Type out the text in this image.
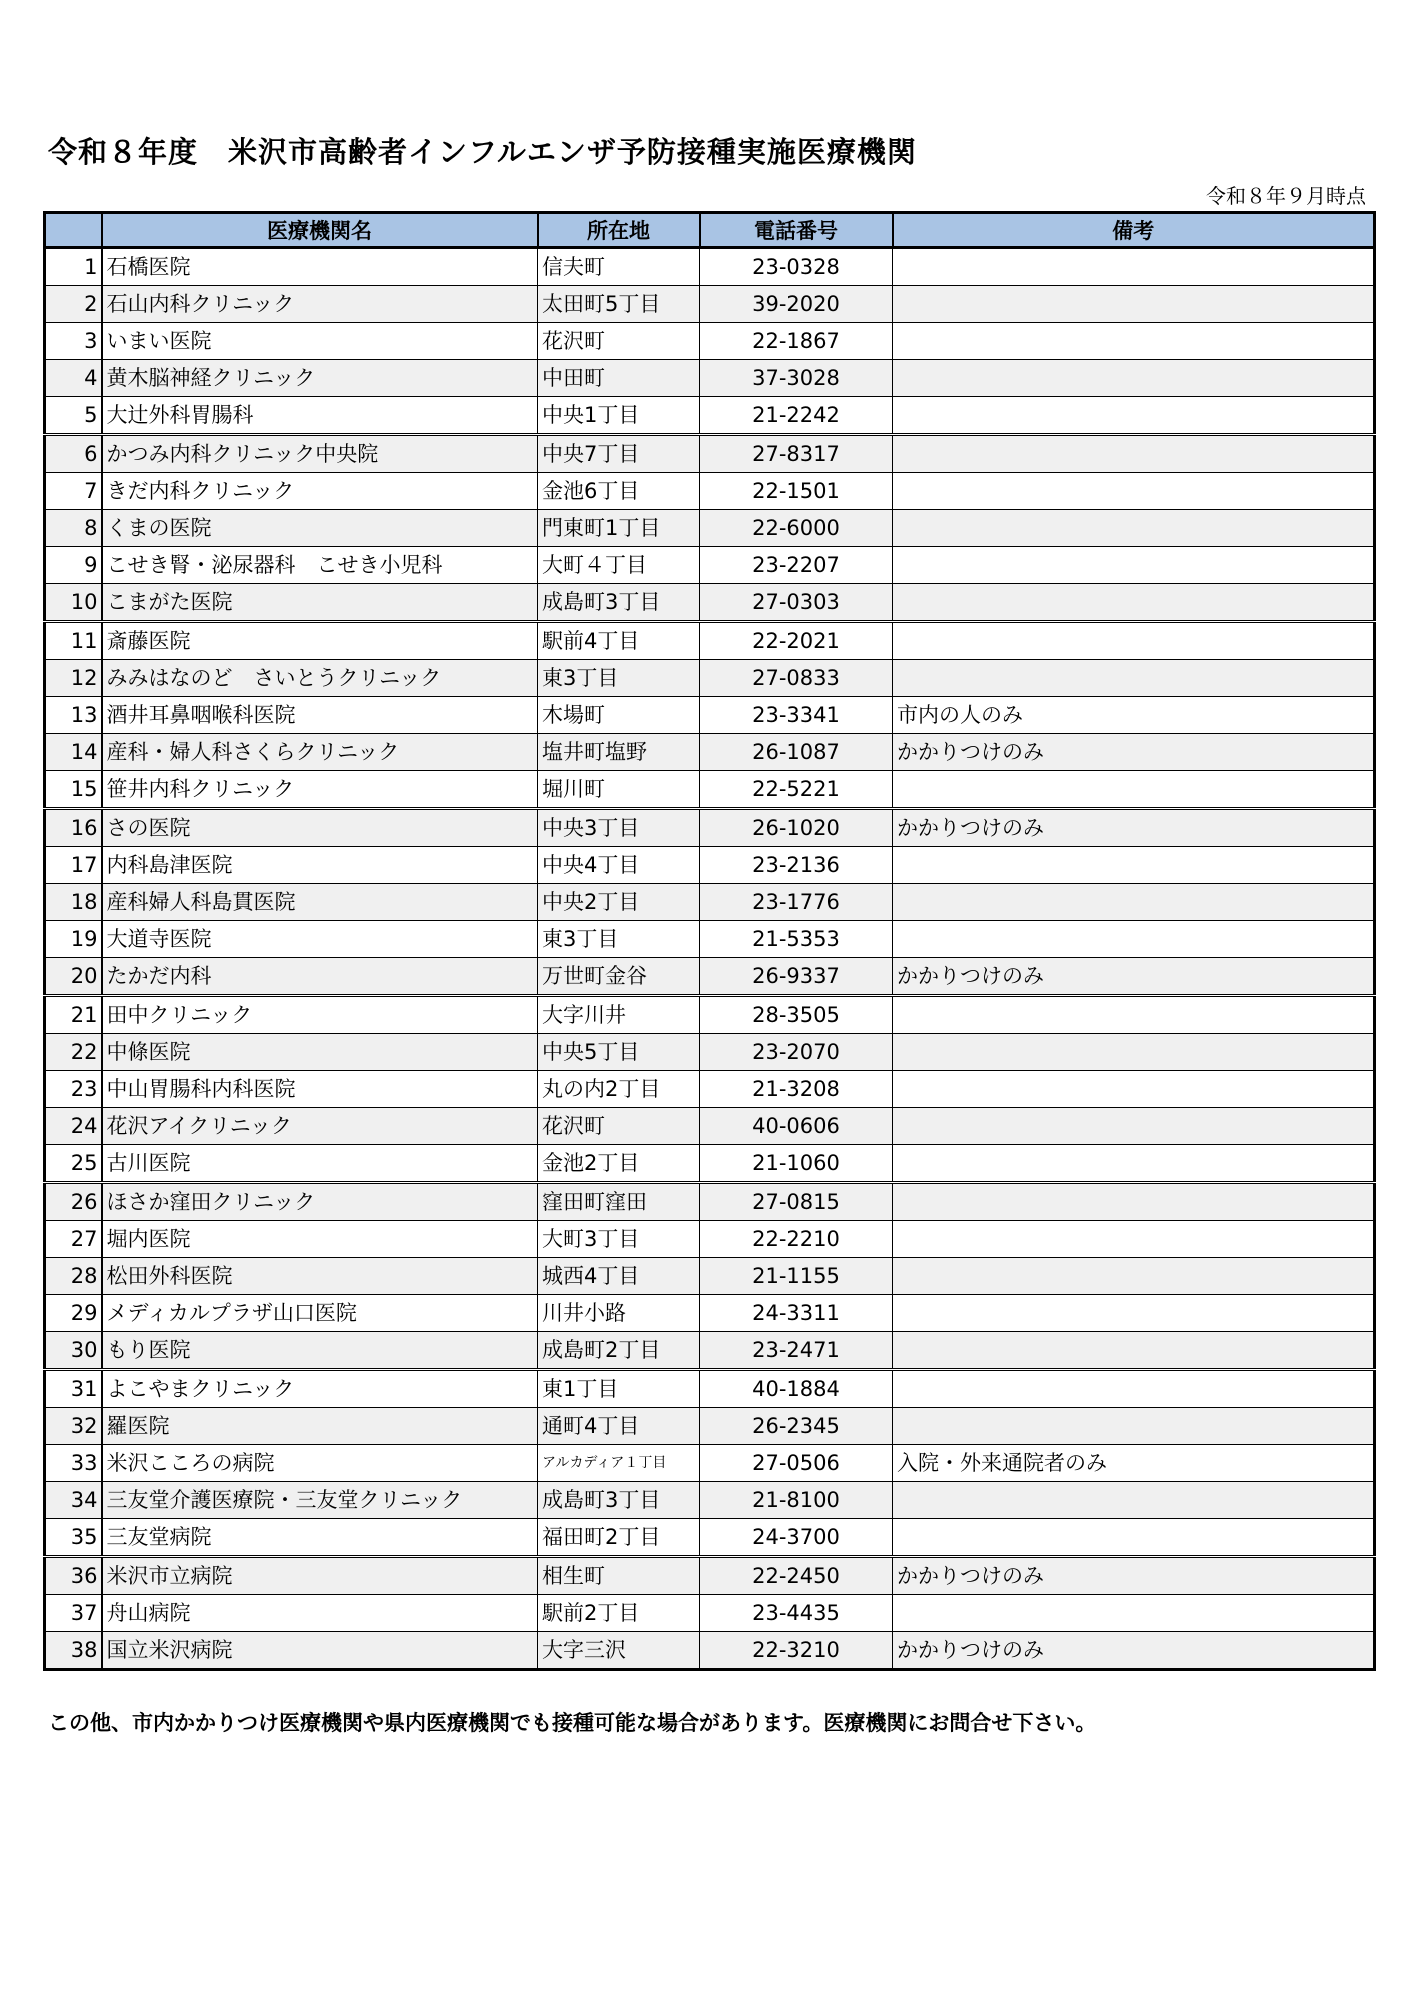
令和８年度　米沢市高齢者インフルエンザ予防接種実施医療機関
令和８年９月時点
	医療機関名	所在地	電話番号	備考
1	石橋医院	信夫町	23-0328	
2	石山内科クリニック	太田町5丁目	39-2020	
3	いまい医院	花沢町	22-1867	
4	黄木脳神経クリニック	中田町	37-3028	
5	大辻外科胃腸科	中央1丁目	21-2242	
6	かつみ内科クリニック中央院	中央7丁目	27-8317	
7	きだ内科クリニック	金池6丁目	22-1501	
8	くまの医院	門東町1丁目	22-6000	
9	こせき腎・泌尿器科　こせき小児科	大町４丁目	23-2207	
10	こまがた医院	成島町3丁目	27-0303	
11	斎藤医院	駅前4丁目	22-2021	
12	みみはなのど　さいとうクリニック	東3丁目	27-0833	
13	酒井耳鼻咽喉科医院	木場町	23-3341	市内の人のみ
14	産科・婦人科さくらクリニック	塩井町塩野	26-1087	かかりつけのみ
15	笹井内科クリニック	堀川町	22-5221	
16	さの医院	中央3丁目	26-1020	かかりつけのみ
17	内科島津医院	中央4丁目	23-2136	
18	産科婦人科島貫医院	中央2丁目	23-1776	
19	大道寺医院	東3丁目	21-5353	
20	たかだ内科	万世町金谷	26-9337	かかりつけのみ
21	田中クリニック	大字川井	28-3505	
22	中條医院	中央5丁目	23-2070	
23	中山胃腸科内科医院	丸の内2丁目	21-3208	
24	花沢アイクリニック	花沢町	40-0606	
25	古川医院	金池2丁目	21-1060	
26	ほさか窪田クリニック	窪田町窪田	27-0815	
27	堀内医院	大町3丁目	22-2210	
28	松田外科医院	城西4丁目	21-1155	
29	メディカルプラザ山口医院	川井小路	24-3311	
30	もり医院	成島町2丁目	23-2471	
31	よこやまクリニック	東1丁目	40-1884	
32	羅医院	通町4丁目	26-2345	
33	米沢こころの病院	アルカディア１丁目	27-0506	入院・外来通院者のみ
34	三友堂介護医療院・三友堂クリニック	成島町3丁目	21-8100	
35	三友堂病院	福田町2丁目	24-3700	
36	米沢市立病院	相生町	22-2450	かかりつけのみ
37	舟山病院	駅前2丁目	23-4435	
38	国立米沢病院	大字三沢	22-3210	かかりつけのみ
この他、市内かかりつけ医療機関や県内医療機関でも接種可能な場合があります。医療機関にお問合せ下さい。
